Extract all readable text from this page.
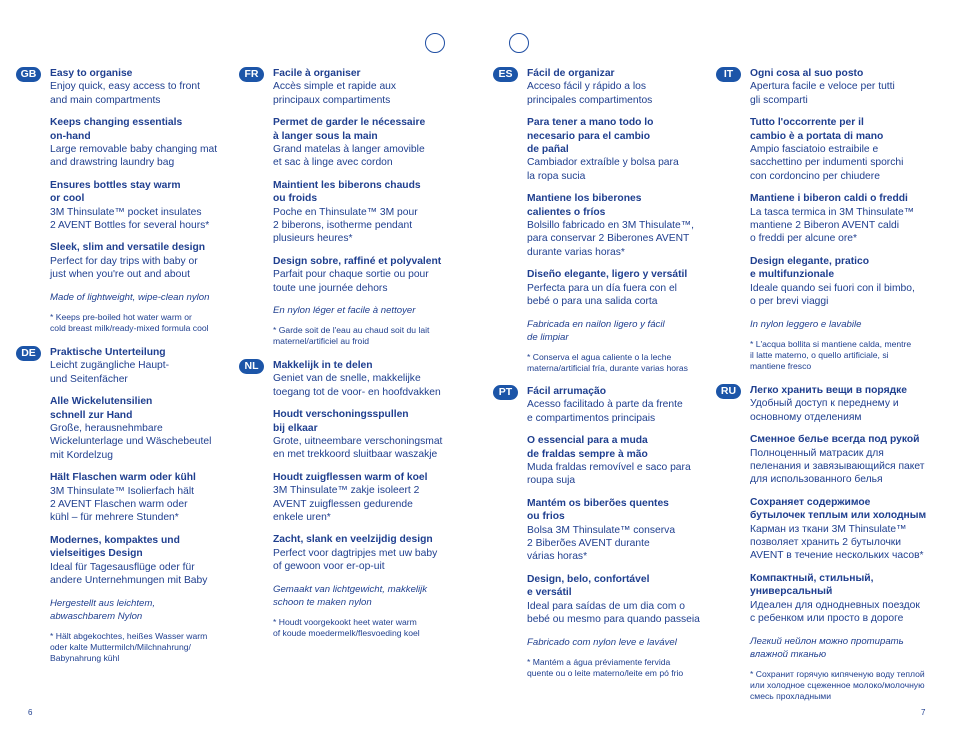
GB	Easy to organise
Enjoy quick, easy access to front
and main compartments
Keeps changing essentials
on-hand
Large removable baby changing mat
and drawstring laundry bag
Ensures bottles stay warm
or cool
3M Thinsulate™ pocket insulates
2 AVENT Bottles for several hours*
Sleek, slim and versatile design
Perfect for day trips with baby or
just when you're out and about
Made of lightweight, wipe-clean nylon
* Keeps pre-boiled hot water warm or
cold breast milk/ready-mixed formula cool
DE	Praktische Unterteilung
Leicht zugängliche Haupt-
und Seitenfächer
Alle Wickelutensilien
schnell zur Hand
Große, herausnehmbare
Wickelunterlage und Wäschebeutel
mit Kordelzug
Hält Flaschen warm oder kühl
3M Thinsulate™ Isolierfach hält
2 AVENT Flaschen warm oder
kühl – für mehrere Stunden*
Modernes, kompaktes und
vielseitiges Design
Ideal für Tagesausflüge oder für
andere Unternehmungen mit Baby
Hergestellt aus leichtem,
abwaschbarem Nylon
* Hält abgekochtes, heißes Wasser warm
oder kalte Muttermilch/Milchnahrung/
Babynahrung kühl
FR	Facile à organiser
Accès simple et rapide aux
principaux compartiments
Permet de garder le nécessaire
à langer sous la main
Grand matelas à langer amovible
et sac à linge avec cordon
Maintient les biberons chauds
ou froids
Poche en Thinsulate™ 3M pour
2 biberons, isotherme pendant
plusieurs heures*
Design sobre, raffiné et polyvalent
Parfait pour chaque sortie ou pour
toute une journée dehors
En nylon léger et facile à nettoyer
* Garde soit de l'eau au chaud soit du lait
maternel/artificiel au froid
NL	Makkelijk in te delen
Geniet van de snelle, makkelijke
toegang tot de voor- en hoofdvakken
Houdt verschoningsspullen
bij elkaar
Grote, uitneembare verschoningsmat
en met trekkoord sluitbaar waszakje
Houdt zuigflessen warm of koel
3M Thinsulate™ zakje isoleert 2
AVENT zuigflessen gedurende
enkele uren*
Zacht, slank en veelzijdig design
Perfect voor dagtripjes met uw baby
of gewoon voor er-op-uit
Gemaakt van lichtgewicht, makkelijk
schoon te maken nylon
* Houdt voorgekookt heet water warm
of koude moedermelk/flesvoeding koel
ES	Fácil de organizar
Acceso fácil y rápido a los
principales compartimentos
Para tener a mano todo lo
necesario para el cambio
de pañal
Cambiador extraíble y bolsa para
la ropa sucia
Mantiene los biberones
calientes o fríos
Bolsillo fabricado en 3M Thisulate™,
para conservar 2 Biberones AVENT
durante varias horas*
Diseño elegante, ligero y versátil
Perfecta para un día fuera con el
bebé o para una salida corta
Fabricada en nailon ligero y fácil
de limpiar
* Conserva el agua caliente o la leche
materna/artificial fría, durante varias horas
PT	Fácil arrumação
Acesso facilitado à parte da frente
e compartimentos principais
O essencial para a muda
de fraldas sempre à mão
Muda fraldas removível e saco para
roupa suja
Mantém os biberões quentes
ou frios
Bolsa 3M Thinsulate™ conserva
2 Biberões AVENT durante
várias horas*
Design, belo, confortável
e versátil
Ideal para saídas de um dia com o
bebé ou mesmo para quando passeia
Fabricado com nylon leve e lavável
* Mantém a água préviamente fervida
quente ou o leite materno/leite em pó frio
IT	Ogni cosa al suo posto
Apertura facile e veloce per tutti
gli scomparti
Tutto l'occorrente per il
cambio è a portata di mano
Ampio fasciatoio estraibile e
sacchettino per indumenti sporchi
con cordoncino per chiudere
Mantiene i biberon caldi o freddi
La tasca termica in 3M Thinsulate™
mantiene 2 Biberon AVENT caldi
o freddi per alcune ore*
Design elegante, pratico
e multifunzionale
Ideale quando sei fuori con il bimbo,
o per brevi viaggi
In nylon leggero e lavabile
* L'acqua bollita si mantiene calda, mentre
il latte materno, o quello artificiale, si
mantiene fresco
RU	Легко хранить вещи в порядке
Удобный доступ к переднему и
основному отделениям
Сменное белье всегда под рукой
Полноценный матрасик для
пеленания и завязывающийся пакет
для использованного белья
Сохраняет содержимое
бутылочек теплым или холодным
Карман из ткани 3M Thinsulate™
позволяет хранить 2 бутылочки
AVENT в течение нескольких часов*
Компактный, стильный,
универсальный
Идеален для однодневных поездок
с ребенком или просто в дороге
Легкий нейлон можно протирать
влажной тканью
* Сохранит горячую кипяченую воду теплой
или холодное сцеженное молоко/молочную
смесь прохладными
6	7
